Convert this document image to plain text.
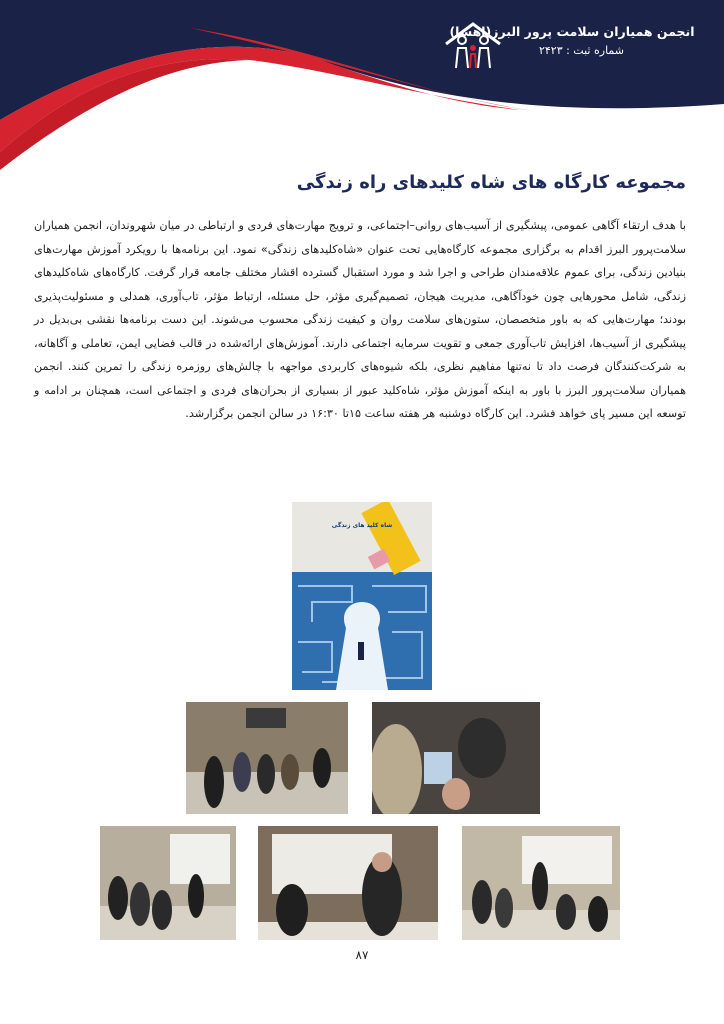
انجمن همیاران سلامت پرور البرز(اهسا)
شماره ثبت : ۲۴۲۳
مجموعه کارگاه های شاه کلیدهای راه زندگی

با هدف ارتقاء آگاهی عمومی، پیشگیری از آسیب‌های روانی–اجتماعی، و ترویج مهارت‌های فردی و ارتباطی در میان شهروندان، انجمن همیاران سلامت‌پرور البرز اقدام به برگزاری مجموعه کارگاه‌هایی تحت عنوان «شاه‌کلیدهای زندگی» نمود. این برنامه‌ها با رویکرد آموزش مهارت‌های بنیادین زندگی، برای عموم علاقه‌مندان طراحی و اجرا شد و مورد استقبال گسترده اقشار مختلف جامعه قرار گرفت. کارگاه‌های شاه‌کلیدهای زندگی، شامل محورهایی چون خودآگاهی، مدیریت هیجان، تصمیم‌گیری مؤثر، حل مسئله، ارتباط مؤثر، تاب‌آوری، همدلی و مسئولیت‌پذیری بودند؛ مهارت‌هایی که به باور متخصصان، ستون‌های سلامت روان و کیفیت زندگی محسوب می‌شوند. این دست برنامه‌ها نقشی بی‌بدیل در پیشگیری از آسیب‌ها، افزایش تاب‌آوری جمعی و تقویت سرمایه اجتماعی دارند. آموزش‌های ارائه‌شده در قالب فضایی ایمن، تعاملی و آگاهانه، به شرکت‌کنندگان فرصت داد تا نه‌تنها مفاهیم نظری، بلکه شیوه‌های کاربردی مواجهه با چالش‌های روزمره زندگی را تمرین کنند. انجمن همیاران سلامت‌پرور البرز با باور به اینکه آموزش مؤثر، شاه‌کلید عبور از بسیاری از بحران‌های فردی و اجتماعی است، همچنان بر ادامه و توسعه این مسیر پای خواهد فشرد. این کارگاه دوشنبه هر هفته ساعت ۱۵تا ۱۶:۳۰ در سالن انجمن برگزارشد.

شاه کلید های زندگی
۸۷
